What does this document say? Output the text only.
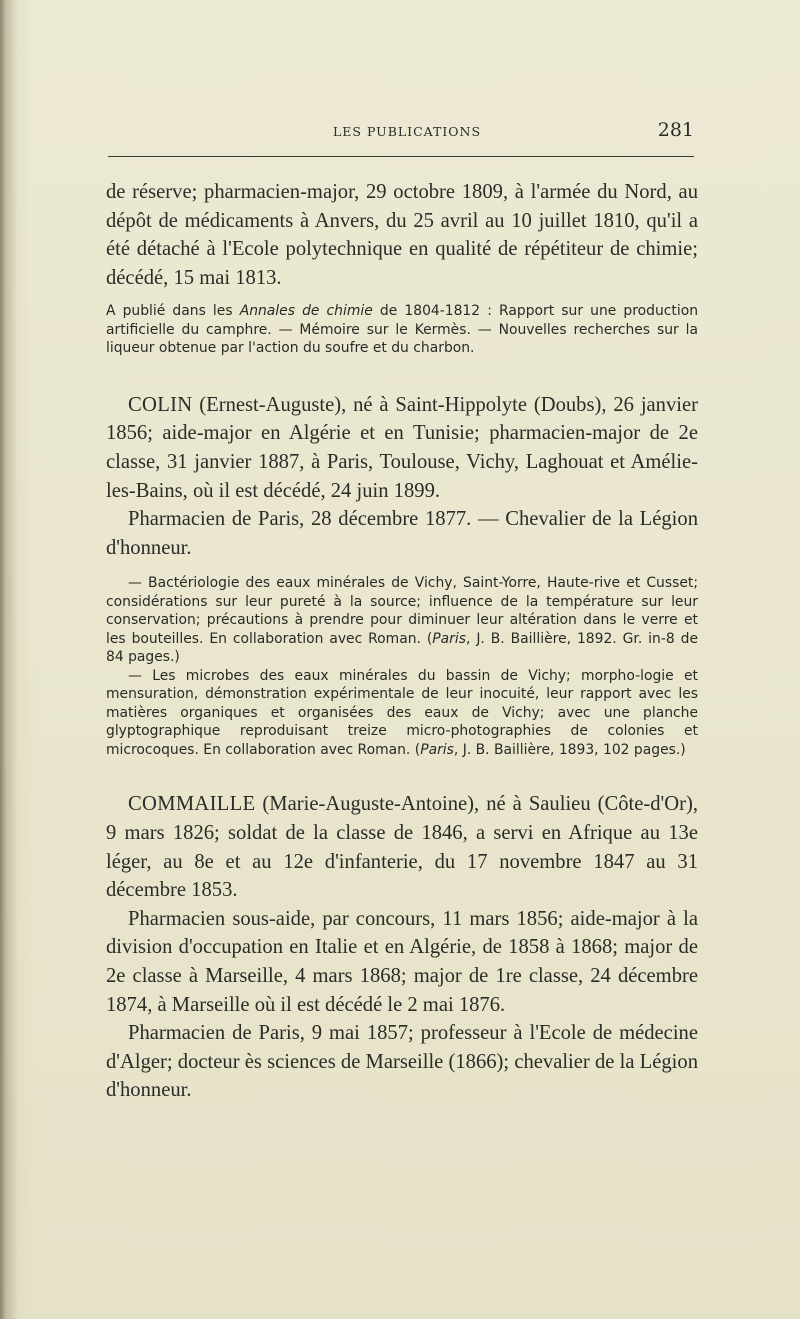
LES PUBLICATIONS	281

de réserve; pharmacien-major, 29 octobre 1809, à l'armée du Nord, au dépôt de médicaments à Anvers, du 25 avril au 10 juillet 1810, qu'il a été détaché à l'Ecole polytechnique en qualité de répétiteur de chimie; décédé, 15 mai 1813.

A publié dans les Annales de chimie de 1804-1812 : Rapport sur une production artificielle du camphre. — Mémoire sur le Kermès. — Nouvelles recherches sur la liqueur obtenue par l'action du soufre et du charbon.

COLIN (Ernest-Auguste), né à Saint-Hippolyte (Doubs), 26 janvier 1856; aide-major en Algérie et en Tunisie; pharmacien-major de 2e classe, 31 janvier 1887, à Paris, Toulouse, Vichy, Laghouat et Amélie-les-Bains, où il est décédé, 24 juin 1899.

Pharmacien de Paris, 28 décembre 1877. — Chevalier de la Légion d'honneur.

— Bactériologie des eaux minérales de Vichy, Saint-Yorre, Haute-rive et Cusset; considérations sur leur pureté à la source; influence de la température sur leur conservation; précautions à prendre pour diminuer leur altération dans le verre et les bouteilles. En collaboration avec Roman. (Paris, J. B. Baillière, 1892. Gr. in-8 de 84 pages.)

— Les microbes des eaux minérales du bassin de Vichy; morpho-logie et mensuration, démonstration expérimentale de leur inocuité, leur rapport avec les matières organiques et organisées des eaux de Vichy; avec une planche glyptographique reproduisant treize micro-photographies de colonies et microcoques. En collaboration avec Roman. (Paris, J. B. Baillière, 1893, 102 pages.)

COMMAILLE (Marie-Auguste-Antoine), né à Saulieu (Côte-d'Or), 9 mars 1826; soldat de la classe de 1846, a servi en Afrique au 13e léger, au 8e et au 12e d'infanterie, du 17 novembre 1847 au 31 décembre 1853.

Pharmacien sous-aide, par concours, 11 mars 1856; aide-major à la division d'occupation en Italie et en Algérie, de 1858 à 1868; major de 2e classe à Marseille, 4 mars 1868; major de 1re classe, 24 décembre 1874, à Marseille où il est décédé le 2 mai 1876.

Pharmacien de Paris, 9 mai 1857; professeur à l'Ecole de médecine d'Alger; docteur ès sciences de Marseille (1866); chevalier de la Légion d'honneur.
